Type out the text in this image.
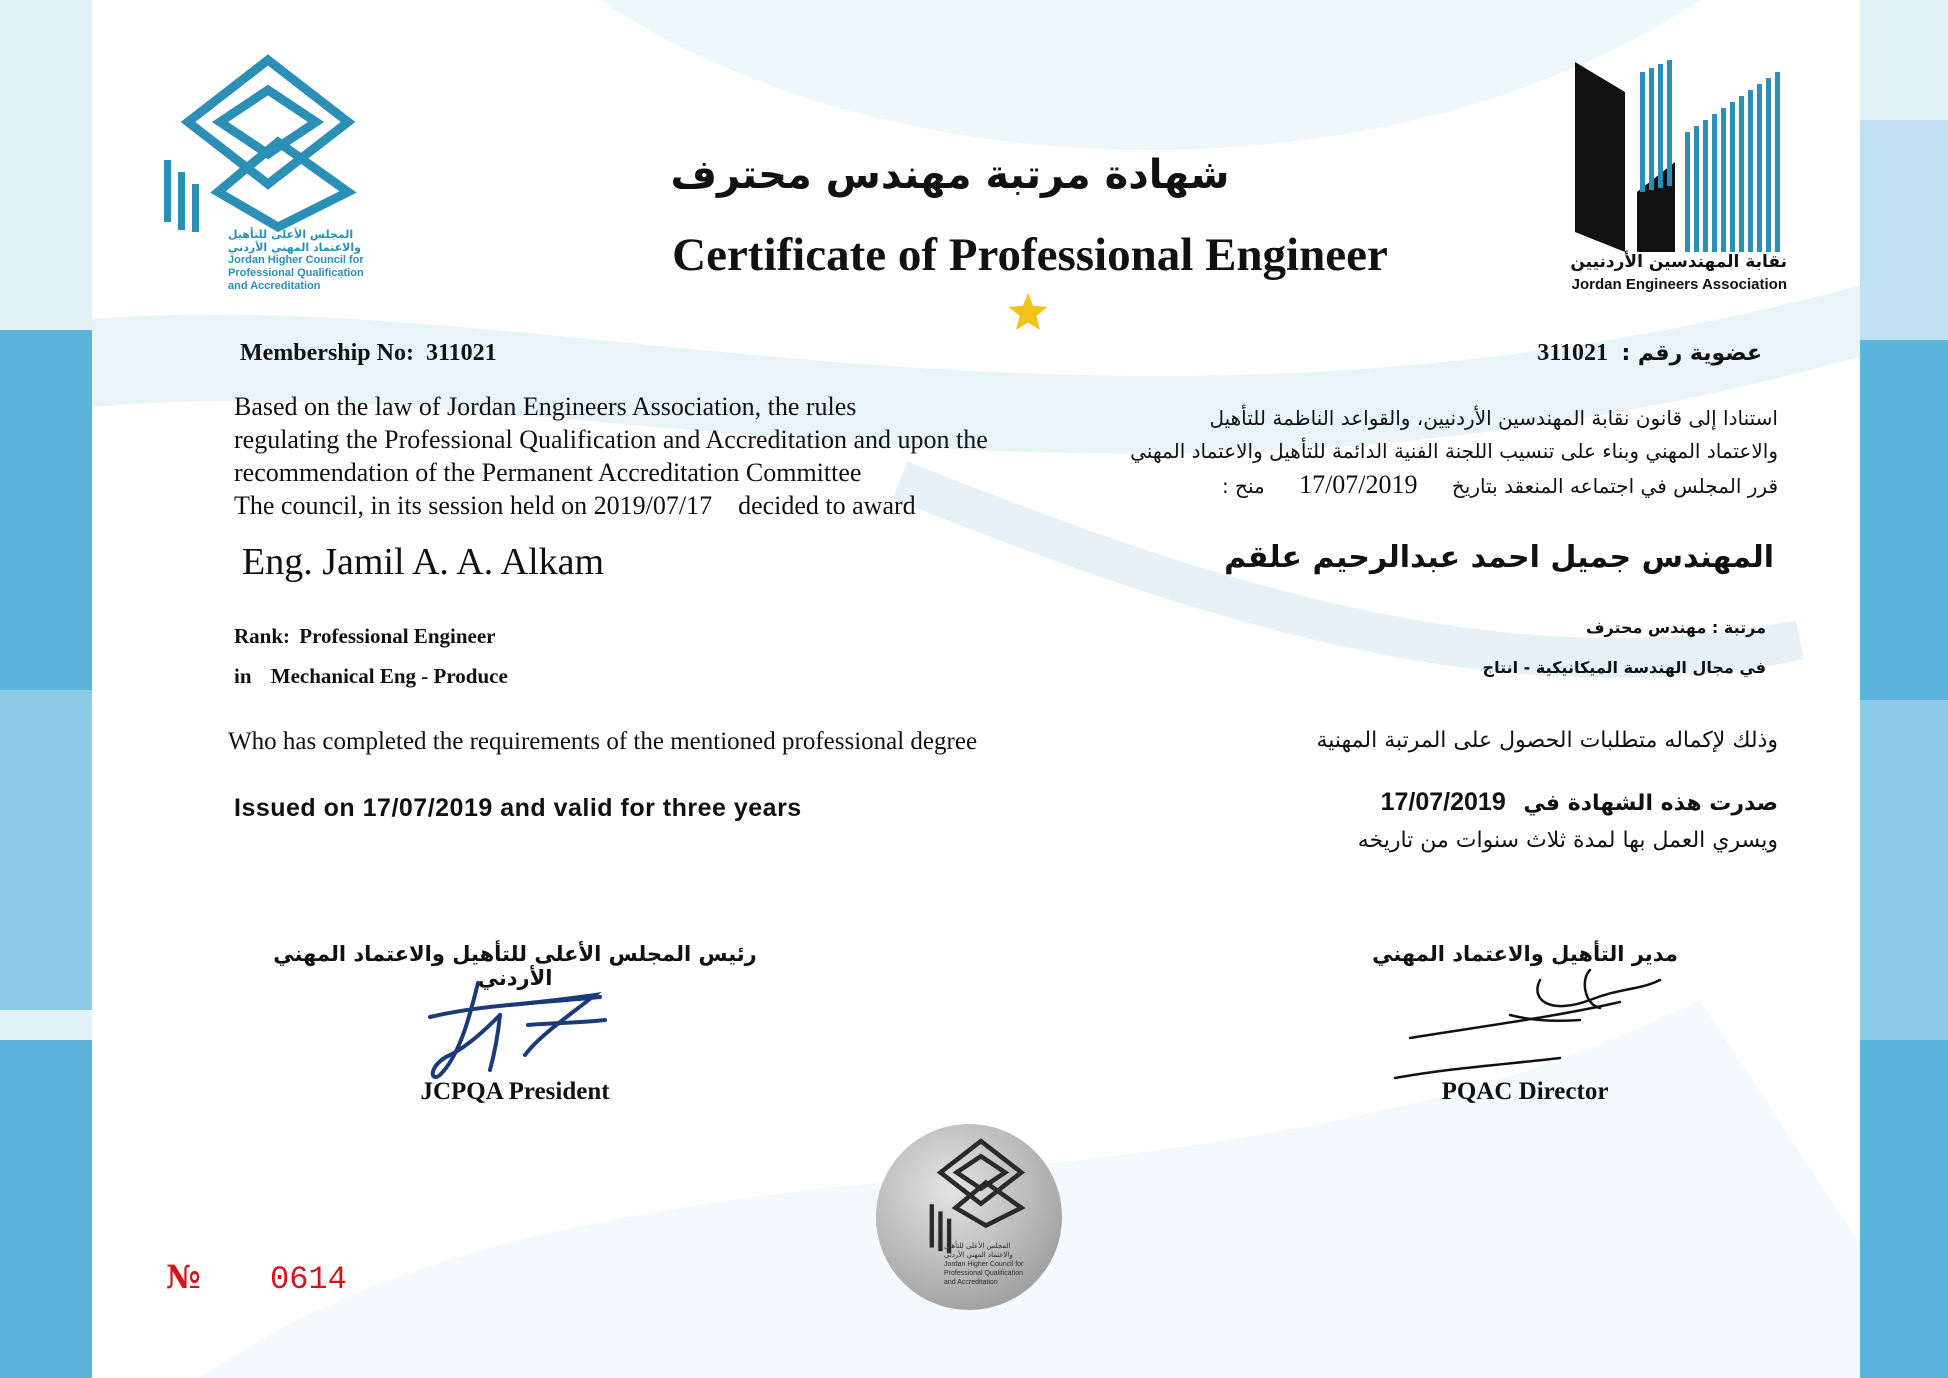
المجلس الأعلى للتأهيل
والاعتماد المهني الأردني
Jordan Higher Council for
Professional Qualification
and Accreditation
نقابة المهندسين الأردنيين
Jordan Engineers Association
شهادة مرتبة مهندس محترف
Certificate of Professional Engineer
Membership No: 311021	عضوية رقم : 311021
Based on the law of Jordan Engineers Association, the rules
regulating the Professional Qualification and Accreditation and upon the
recommendation of the Permanent Accreditation Committee
The council, in its session held on 2019/07/17    decided to award
استنادا إلى قانون نقابة المهندسين الأردنيين، والقواعد الناظمة للتأهيل
والاعتماد المهني وبناء على تنسيب اللجنة الفنية الدائمة للتأهيل والاعتماد المهني
قرر المجلس في اجتماعه المنعقد بتاريخ 17/07/2019 منح :
Eng. Jamil A. A. Alkam	المهندس جميل احمد عبدالرحيم علقم
Rank: Professional Engineer
in Mechanical Eng - Produce
مرتبة : مهندس محترف
في مجال الهندسة الميكانيكية - انتاج
Who has completed the requirements of the mentioned professional degree	وذلك لإكماله متطلبات الحصول على المرتبة المهنية
Issued on 17/07/2019 and valid for three years	صدرت هذه الشهادة في 17/07/2019
ويسري العمل بها لمدة ثلاث سنوات من تاريخه
رئيس المجلس الأعلى للتأهيل والاعتماد المهني الأردني
JCPQA President
مدير التأهيل والاعتماد المهني
PQAC Director
المجلس الأعلى للتأهيل
والاعتماد المهني الأردني
Jordan Higher Council for
Professional Qualification
and Accreditation
№ 0614
